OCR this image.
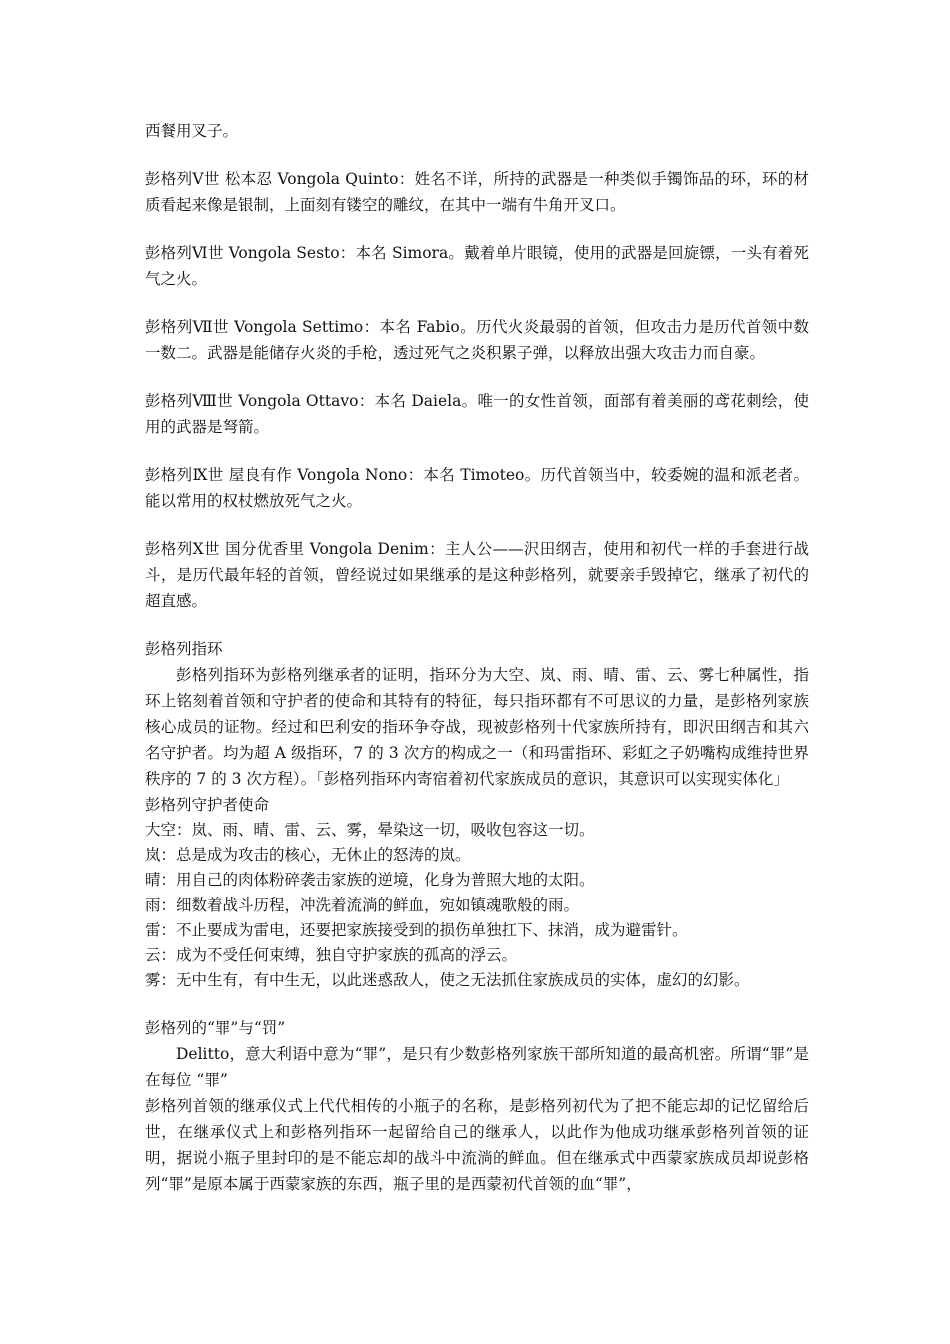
西餐用叉子。

彭格列Ⅴ世 松本忍 Vongola Quinto：姓名不详，所持的武器是一种类似手镯饰品的环，环的材质看起来像是银制，上面刻有镂空的雕纹，在其中一端有牛角开叉口。

彭格列Ⅵ世 Vongola Sesto：本名 Simora。戴着单片眼镜，使用的武器是回旋镖，一头有着死气之火。

彭格列Ⅶ世 Vongola Settimo：本名 Fabio。历代火炎最弱的首领，但攻击力是历代首领中数一数二。武器是能储存火炎的手枪，透过死气之炎积累子弹，以释放出强大攻击力而自豪。

彭格列Ⅷ世 Vongola Ottavo：本名 Daiela。唯一的女性首领，面部有着美丽的鸢花刺绘，使用的武器是弩箭。

彭格列Ⅸ世 屋良有作 Vongola Nono：本名 Timoteo。历代首领当中，较委婉的温和派老者。能以常用的权杖燃放死气之火。

彭格列Ⅹ世 国分优香里 Vongola Denim：主人公——沢田纲吉，使用和初代一样的手套进行战斗，是历代最年轻的首领，曾经说过如果继承的是这种彭格列，就要亲手毁掉它，继承了初代的超直感。

彭格列指环

彭格列指环为彭格列继承者的证明，指环分为大空、岚、雨、晴、雷、云、雾七种属性，指环上铭刻着首领和守护者的使命和其特有的特征，每只指环都有不可思议的力量，是彭格列家族核心成员的证物。经过和巴利安的指环争夺战，现被彭格列十代家族所持有，即沢田纲吉和其六名守护者。均为超 A 级指环，7 的 3 次方的构成之一（和玛雷指环、彩虹之子奶嘴构成维持世界秩序的 7 的 3 次方程）。「彭格列指环内寄宿着初代家族成员的意识，其意识可以实现实体化」

彭格列守护者使命

大空：岚、雨、晴、雷、云、雾，晕染这一切，吸收包容这一切。

岚：总是成为攻击的核心，无休止的怒涛的岚。

晴：用自己的肉体粉碎袭击家族的逆境，化身为普照大地的太阳。

雨：细数着战斗历程，冲洗着流淌的鲜血，宛如镇魂歌般的雨。

雷：不止要成为雷电，还要把家族接受到的损伤单独扛下、抹消，成为避雷针。

云：成为不受任何束缚，独自守护家族的孤高的浮云。

雾：无中生有，有中生无，以此迷惑敌人，使之无法抓住家族成员的实体，虚幻的幻影。

彭格列的“罪”与“罚”

Delitto，意大利语中意为“罪”，是只有少数彭格列家族干部所知道的最高机密。所谓“罪”是在每位 “罪”

彭格列首领的继承仪式上代代相传的小瓶子的名称，是彭格列初代为了把不能忘却的记忆留给后世，在继承仪式上和彭格列指环一起留给自己的继承人，以此作为他成功继承彭格列首领的证明，据说小瓶子里封印的是不能忘却的战斗中流淌的鲜血。但在继承式中西蒙家族成员却说彭格列“罪”是原本属于西蒙家族的东西，瓶子里的是西蒙初代首领的血“罪”，
